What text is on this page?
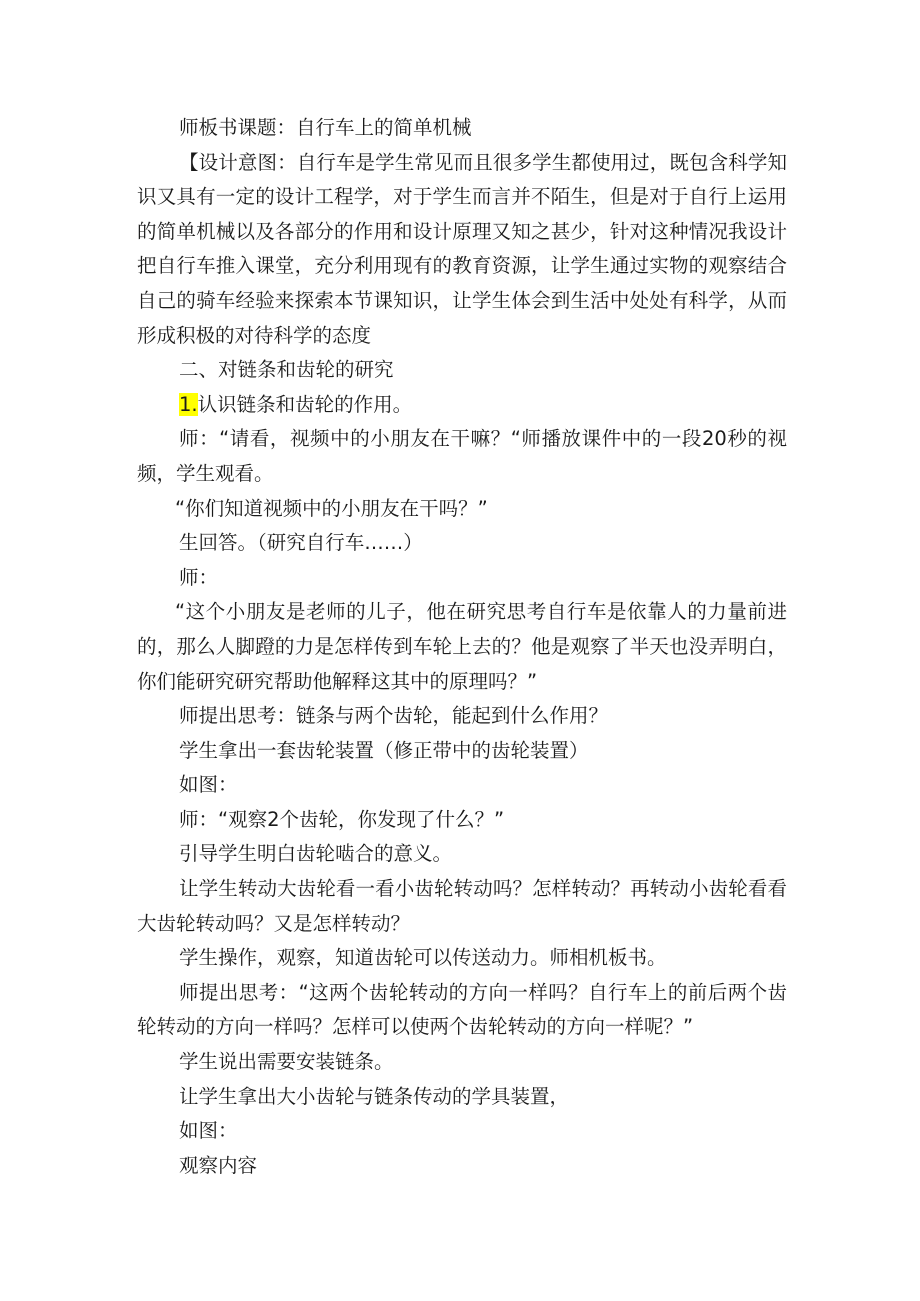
师板书课题：自行车上的简单机械

【设计意图：自行车是学生常见而且很多学生都使用过，既包含科学知识又具有一定的设计工程学，对于学生而言并不陌生，但是对于自行上运用的简单机械以及各部分的作用和设计原理又知之甚少，针对这种情况我设计把自行车推入课堂，充分利用现有的教育资源，让学生通过实物的观察结合自己的骑车经验来探索本节课知识，让学生体会到生活中处处有科学，从而形成积极的对待科学的态度

二、对链条和齿轮的研究

1.认识链条和齿轮的作用。

师：“请看，视频中的小朋友在干嘛？“师播放课件中的一段20秒的视频，学生观看。

“你们知道视频中的小朋友在干吗？”

生回答。（研究自行车……）

师：

“这个小朋友是老师的儿子，他在研究思考自行车是依靠人的力量前进的，那么人脚蹬的力是怎样传到车轮上去的？他是观察了半天也没弄明白，你们能研究研究帮助他解释这其中的原理吗？”

师提出思考：链条与两个齿轮，能起到什么作用？

学生拿出一套齿轮装置（修正带中的齿轮装置）

如图：

师：“观察2个齿轮，你发现了什么？”

引导学生明白齿轮啮合的意义。

让学生转动大齿轮看一看小齿轮转动吗？怎样转动？再转动小齿轮看看大齿轮转动吗？又是怎样转动？

学生操作，观察，知道齿轮可以传送动力。师相机板书。

师提出思考：“这两个齿轮转动的方向一样吗？自行车上的前后两个齿轮转动的方向一样吗？怎样可以使两个齿轮转动的方向一样呢？”

学生说出需要安装链条。

让学生拿出大小齿轮与链条传动的学具装置，

如图：

观察内容
